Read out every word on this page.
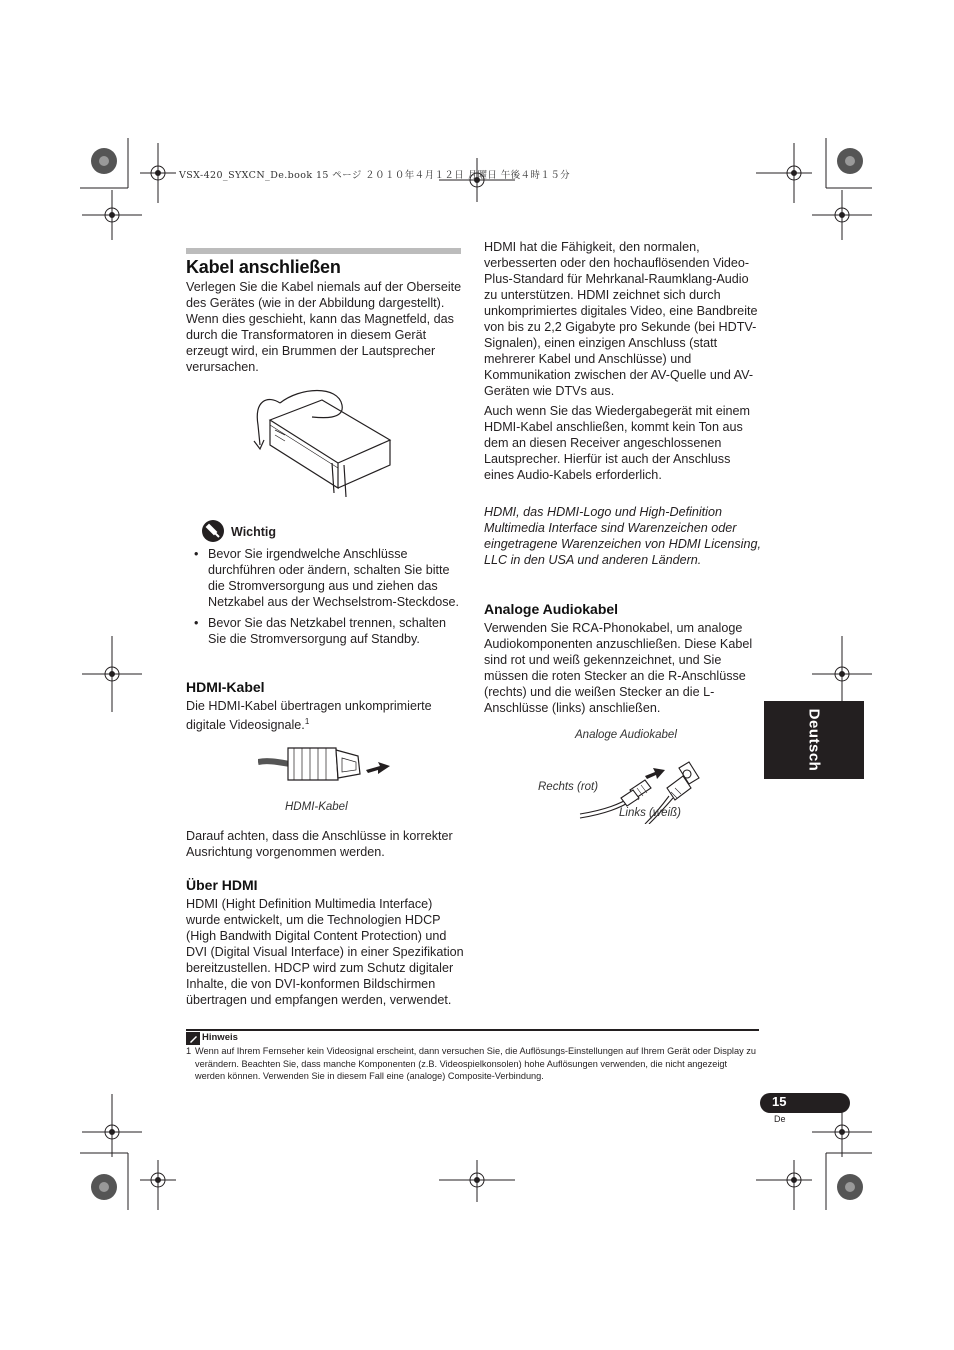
VSX-420_SYXCN_De.book 15 ページ ２０１０年４月１２日 月曜日 午後４時１５分
Kabel anschließen

Verlegen Sie die Kabel niemals auf der Oberseite des Gerätes (wie in der Abbildung dargestellt). Wenn dies geschieht, kann das Magnetfeld, das durch die Transformatoren in diesem Gerät erzeugt wird, ein Brummen der Lautsprecher verursachen.

Wichtig
• Bevor Sie irgendwelche Anschlüsse durchführen oder ändern, schalten Sie bitte die Stromversorgung aus und ziehen das Netzkabel aus der Wechselstrom-Steckdose.
• Bevor Sie das Netzkabel trennen, schalten Sie die Stromversorgung auf Standby.
HDMI-Kabel

Die HDMI-Kabel übertragen unkomprimierte digitale Videosignale.$^1$

HDMI-Kabel

Darauf achten, dass die Anschlüsse in korrekter Ausrichtung vorgenommen werden.

Über HDMI

HDMI (Hight Definition Multimedia Interface) wurde entwickelt, um die Technologien HDCP (High Bandwith Digital Content Protection) und DVI (Digital Visual Interface) in einer Spezifikation bereitzustellen. HDCP wird zum Schutz digitaler Inhalte, die von DVI-konformen Bildschirmen übertragen und empfangen werden, verwendet.

HDMI hat die Fähigkeit, den normalen, verbesserten oder den hochauflösenden Video-Plus-Standard für Mehrkanal-Raumklang-Audio zu unterstützen. HDMI zeichnet sich durch unkomprimiertes digitales Video, eine Bandbreite von bis zu 2,2 Gigabyte pro Sekunde (bei HDTV-Signalen), einen einzigen Anschluss (statt mehrerer Kabel und Anschlüsse) und Kommunikation zwischen der AV-Quelle und AV-Geräten wie DTVs aus.

Auch wenn Sie das Wiedergabegerät mit einem HDMI-Kabel anschließen, kommt kein Ton aus dem an diesen Receiver angeschlossenen Lautsprecher. Hierfür ist auch der Anschluss eines Audio-Kabels erforderlich.

HDMI, das HDMI-Logo und High-Definition Multimedia Interface sind Warenzeichen oder eingetragene Warenzeichen von HDMI Licensing, LLC in den USA und anderen Ländern.

Analoge Audiokabel

Verwenden Sie RCA-Phonokabel, um analoge Audiokomponenten anzuschließen. Diese Kabel sind rot und weiß gekennzeichnet, und Sie müssen die roten Stecker an die R-Anschlüsse (rechts) und die weißen Stecker an die L-Anschlüsse (links) anschließen.

Analoge Audiokabel
Rechts (rot)
Links (weiß)
Deutsch
Hinweis
1 Wenn auf Ihrem Fernseher kein Videosignal erscheint, dann versuchen Sie, die Auflösungs-Einstellungen auf Ihrem Gerät oder Display zu verändern. Beachten Sie, dass manche Komponenten (z.B. Videospielkonsolen) hohe Auflösungen verwenden, die nicht angezeigt werden können. Verwenden Sie in diesem Fall eine (analoge) Composite-Verbindung.

15
De
